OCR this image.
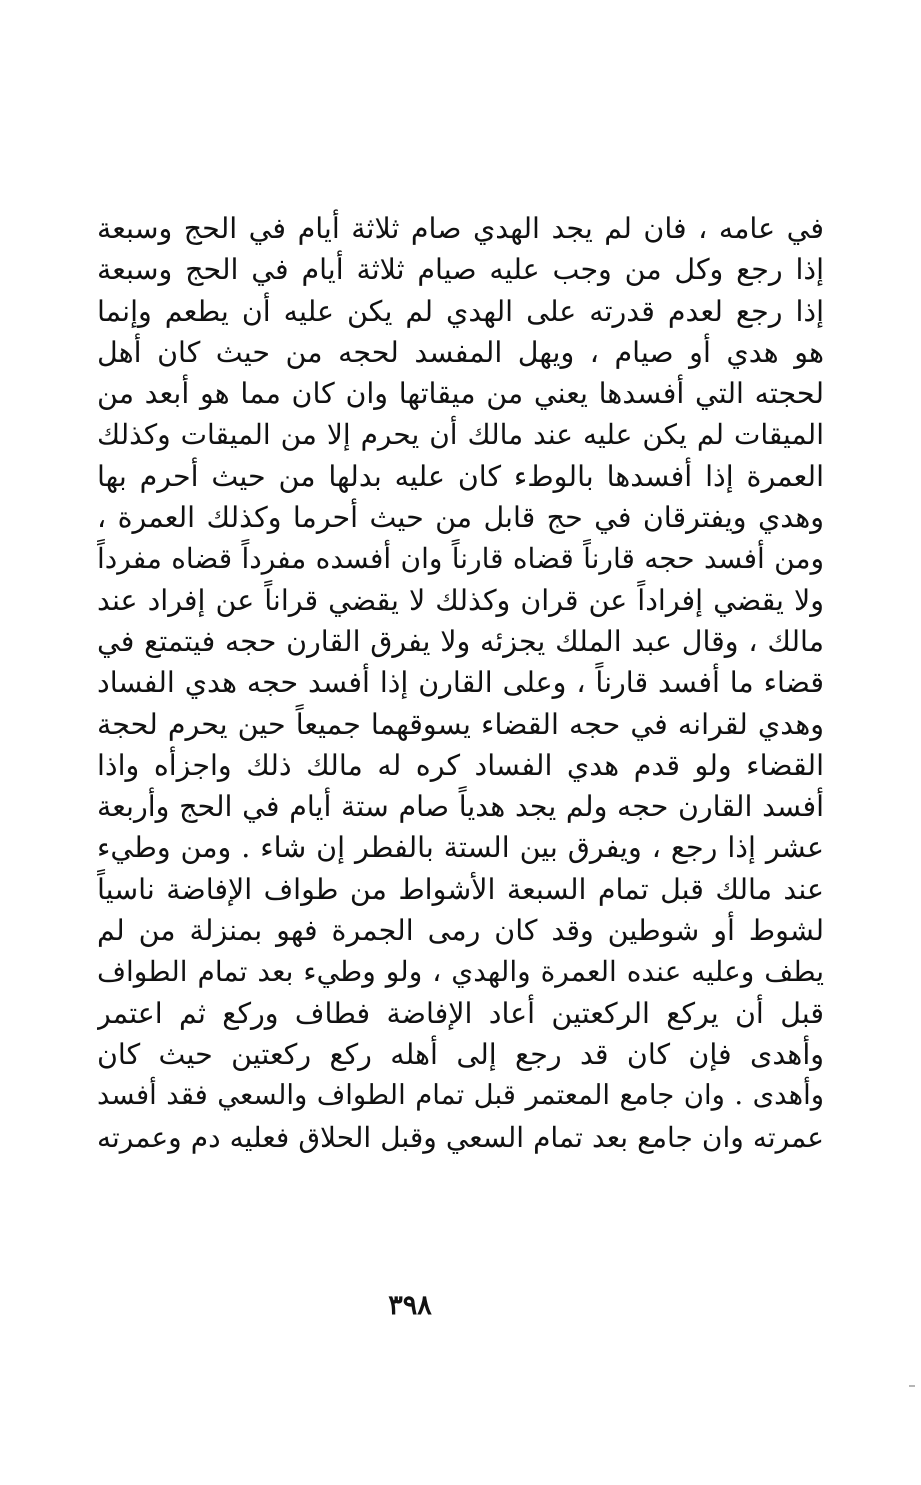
في عامه ، فان لم يجد الهدي صام ثلاثة أيام في الحج وسبعة
إذا رجع وكل من وجب عليه صيام ثلاثة أيام في الحج وسبعة
إذا رجع لعدم قدرته على الهدي لم يكن عليه أن يطعم وإنما
هو هدي أو صيام ، ويهل المفسد لحجه من حيث كان أهل
لحجته التي أفسدها يعني من ميقاتها وان كان مما هو أبعد من
الميقات لم يكن عليه عند مالك أن يحرم إلا من الميقات وكذلك
العمرة إذا أفسدها بالوطء كان عليه بدلها من حيث أحرم بها
وهدي ويفترقان في حج قابل من حيث أحرما وكذلك العمرة ،
ومن أفسد حجه قارناً قضاه قارناً وان أفسده مفرداً قضاه مفرداً
ولا يقضي إفراداً عن قران وكذلك لا يقضي قراناً عن إفراد عند
مالك ، وقال عبد الملك يجزئه ولا يفرق القارن حجه فيتمتع في
قضاء ما أفسد قارناً ، وعلى القارن إذا أفسد حجه هدي الفساد
وهدي لقرانه في حجه القضاء يسوقهما جميعاً حين يحرم لحجة
القضاء ولو قدم هدي الفساد كره له مالك ذلك واجزأه واذا
أفسد القارن حجه ولم يجد هدياً صام ستة أيام في الحج وأربعة
عشر إذا رجع ، ويفرق بين الستة بالفطر إن شاء . ومن وطيء
عند مالك قبل تمام السبعة الأشواط من طواف الإفاضة ناسياً
لشوط أو شوطين وقد كان رمى الجمرة فهو بمنزلة من لم
يطف وعليه عنده العمرة والهدي ، ولو وطيء بعد تمام الطواف
قبل أن يركع الركعتين أعاد الإفاضة فطاف وركع ثم اعتمر
وأهدى فإن كان قد رجع إلى أهله ركع ركعتين حيث كان
وأهدى . وان جامع المعتمر قبل تمام الطواف والسعي فقد أفسد
عمرته وان جامع بعد تمام السعي وقبل الحلاق فعليه دم وعمرته
٣٩٨
